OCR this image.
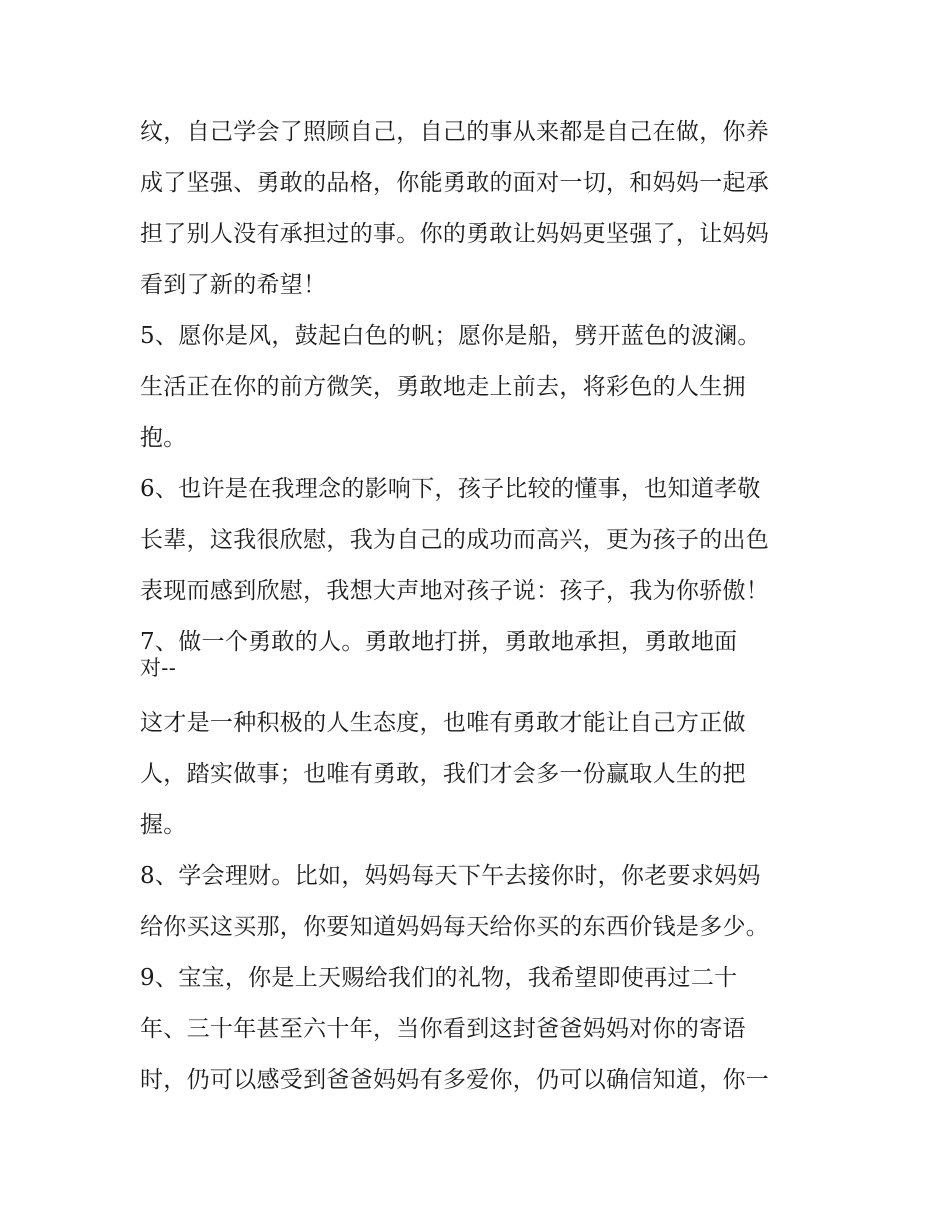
纹，自己学会了照顾自己，自己的事从来都是自己在做，你养
成了坚强、勇敢的品格，你能勇敢的面对一切，和妈妈一起承
担了别人没有承担过的事。你的勇敢让妈妈更坚强了，让妈妈
看到了新的希望！
5、愿你是风，鼓起白色的帆；愿你是船，劈开蓝色的波澜。
生活正在你的前方微笑，勇敢地走上前去，将彩色的人生拥
抱。
6、也许是在我理念的影响下，孩子比较的懂事，也知道孝敬
长辈，这我很欣慰，我为自己的成功而高兴，更为孩子的出色
表现而感到欣慰，我想大声地对孩子说：孩子，我为你骄傲！
7、做一个勇敢的人。勇敢地打拼，勇敢地承担，勇敢地面
对--
这才是一种积极的人生态度，也唯有勇敢才能让自己方正做
人，踏实做事；也唯有勇敢，我们才会多一份赢取人生的把
握。
8、学会理财。比如，妈妈每天下午去接你时，你老要求妈妈
给你买这买那，你要知道妈妈每天给你买的东西价钱是多少。
9、宝宝，你是上天赐给我们的礼物，我希望即使再过二十
年、三十年甚至六十年，当你看到这封爸爸妈妈对你的寄语
时，仍可以感受到爸爸妈妈有多爱你，仍可以确信知道，你一
